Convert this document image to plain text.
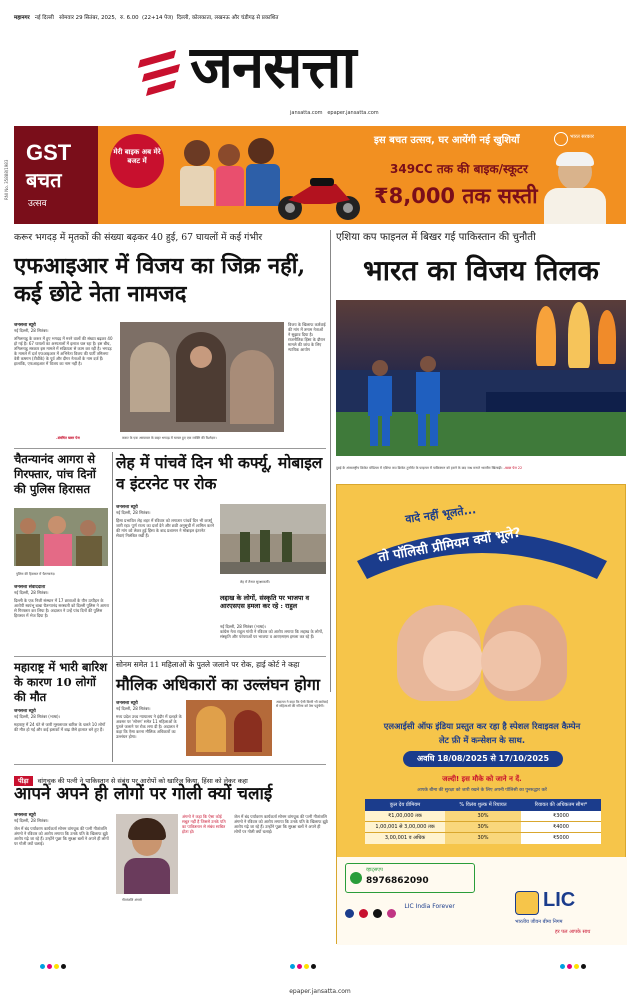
महानगर नई दिल्ली सोमवार 29 सितंबर, 2025, रु. 6.00 (22+14 पेज) दिल्ली, कोलकाता, लखनऊ और चंडीगढ़ से प्रकाशित
जनसत्ता
jansatta.com epaper.jansatta.com
RNI No. 35888/1983
GST
बचत
उत्सव
मेरी बाइक अब मेरे बजट में
इस बचत उत्सव, घर आयेंगी नई खुशियाँ
349CC तक की बाइक/स्कूटर
₹8,000 तक सस्ती
भारत सरकार
करूर भगदड़ में मृतकों की संख्या बढ़कर 40 हुई, 67 घायलों में कई गंभीर	एशिया कप फाइनल में बिखर गई पाकिस्तान की चुनौती
एफआइआर में विजय का जिक्र नहीं, कई छोटे नेता नामजद
जनसत्ता ब्यूरो
नई दिल्ली, 28 सितंबर।
तमिलनाडु के करूर में हुए भगदड़ में मरने वालों की संख्या बढ़कर 40 हो गई है। 67 घायलों का अस्पतालों में इलाज चल रहा है। इस बीच, तमिलनाडु सरकार इस मामले में सक्रियता से काम कर रही है। भगदड़ के मामले में दर्ज एफआइआर में अभिनेता विजय की पार्टी तमिलगा वेत्री कषगम (टीवीके) के पूर्व और दीगर नेताओं के नाम दर्ज हैं। हालांकि, एफआइआर में विजय का नाम नहीं है।
–संबंधित खबर पेज	करूर के एक अस्पताल के बाहर भगदड़ में घायल हुए एक व्यक्ति की रिश्तेदार।
विजय के खिलाफ कार्रवाई की मांग में तमाम नेताओं ने सुझाव दिया है। राजनीतिक हिंसा के दौरान मामले की जांच के लिए न्यायिक आयोग
भारत का विजय तिलक

दुबई के अंतरराष्ट्रीय क्रिकेट स्टेडियम में एशिया कप क्रिकेट टूर्नामेंट के फाइनल में पाकिस्तान को हराने के बाद जश्न मनाते भारतीय खिलाड़ी। –खबर पेज 22
चैतन्यानंद आगरा से गिरफ्तार, पांच दिनों की पुलिस हिरासत
पुलिस की हिरासत में चैतन्यानंद।
जनसत्ता संवाददाता
नई दिल्ली, 28 सितंबर।
दिल्ली के एक निजी संस्थान में 17 छात्राओं के यौन उत्पीड़न के आरोपी स्वयंभू बाबा चैतन्यानंद सरस्वती को दिल्ली पुलिस ने आगरा से गिरफ्तार कर लिया है। अदालत ने उन्हें पांच दिनों की पुलिस हिरासत में भेज दिया है।
लेह में पांचवें दिन भी कर्फ्यू, मोबाइल व इंटरनेट पर रोक
जनसत्ता ब्यूरो
नई दिल्ली, 28 सितंबर।
हिंसा प्रभावित लेह शहर में रविवार को लगातार पांचवें दिन भी कर्फ्यू जारी रहा। पूर्ण राज्य का दर्जा देने और छठी अनुसूची में शामिल करने की मांग को लेकर हुई हिंसा के बाद प्रशासन ने मोबाइल इंटरनेट सेवाएं निलंबित रखी हैं।
लेह में तैनात सुरक्षाकर्मी।
लद्दाख के लोगों, संस्कृति पर भाजपा व आरएसएस हमला कर रहे : राहुल
नई दिल्ली, 28 सितंबर (भाषा)।
कांग्रेस नेता राहुल गांधी ने रविवार को आरोप लगाया कि लद्दाख के लोगों, संस्कृति और परंपराओं पर भाजपा व आरएसएस हमला कर रहे हैं।
महाराष्ट्र में भारी बारिश के कारण 10 लोगों की मौत
जनसत्ता ब्यूरो
नई दिल्ली, 28 सितंबर (भाषा)।
महाराष्ट्र में 24 घंटे से जारी मूसलाधार बारिश के चलते 10 लोगों की मौत हो गई और कई इलाकों में बाढ़ जैसे हालात बने हुए हैं।
सोनम समेत 11 महिलाओं के पुतले जलाने पर रोक, हाई कोर्ट ने कहा
मौलिक अधिकारों का उल्लंघन होगा
जनसत्ता ब्यूरो
नई दिल्ली, 28 सितंबर।
मध्य प्रदेश उच्च न्यायालय ने इंदौर में दशहरे के अवसर पर 'सोनम' समेत 11 महिलाओं के पुतले जलाने पर रोक लगा दी है। अदालत ने कहा कि ऐसा करना मौलिक अधिकारों का उल्लंघन होगा।
अदालत ने कहा कि ऐसी किसी भी कार्रवाई से महिलाओं की गरिमा को ठेस पहुंचेगी।
पीड़ा वांगचुक की पत्नी ने पाकिस्तान से संबंध पर आरोपों को खारिज किया, हिंसा को लेकर कहा
आपने अपने ही लोगों पर गोली क्यों चलाई
जनसत्ता ब्यूरो
नई दिल्ली, 28 सितंबर।
जेल में बंद पर्यावरण कार्यकर्ता सोनम वांगचुक की पत्नी गीतांजलि अंगमो ने रविवार को आरोप लगाया कि उनके पति के खिलाफ झूठे आरोप गढ़े जा रहे हैं। उन्होंने पूछा कि सुरक्षा बलों ने अपने ही लोगों पर गोली क्यों चलाई।
गीतांजलि अंगमो
अंगमो ने कहा कि ऐसा कोई सबूत नहीं है जिससे उनके पति का पाकिस्तान से संबंध साबित होता हो।
जेल में बंद पर्यावरण कार्यकर्ता सोनम वांगचुक की पत्नी गीतांजलि अंगमो ने रविवार को आरोप लगाया कि उनके पति के खिलाफ झूठे आरोप गढ़े जा रहे हैं। उन्होंने पूछा कि सुरक्षा बलों ने अपने ही लोगों पर गोली क्यों चलाई।
वादे नहीं भूलते...
तो पॉलिसी प्रीमियम क्यों भूले?
एलआईसी ऑफ इंडिया प्रस्तुत कर रहा है स्पेशल रिवाइवल कैम्पेन
लेट फ़ी में कन्सेशन के साथ.
अवधि 18/08/2025 से 17/10/2025
जल्दी! इस मौके को जाने न दें.
आपके बीमा की सुरक्षा को जारी रखने के लिए अपनी पॉलिसी का पुनरुद्धार करें
कुल देय प्रीमियम	% विलंब शुल्क में रियायत	रियायत की अधिकतम सीमा*
₹1,00,000 तक	30%	₹3000
1,00,001 से 3,00,000 तक	30%	₹4000
3,00,001 व अधिक	30%	₹5000
व्हाट्सएप
8976862090
$^{LIC India Forever}$	LIC
भारतीय जीवन बीमा निगम
हर पल आपके साथ
epaper.jansatta.com
